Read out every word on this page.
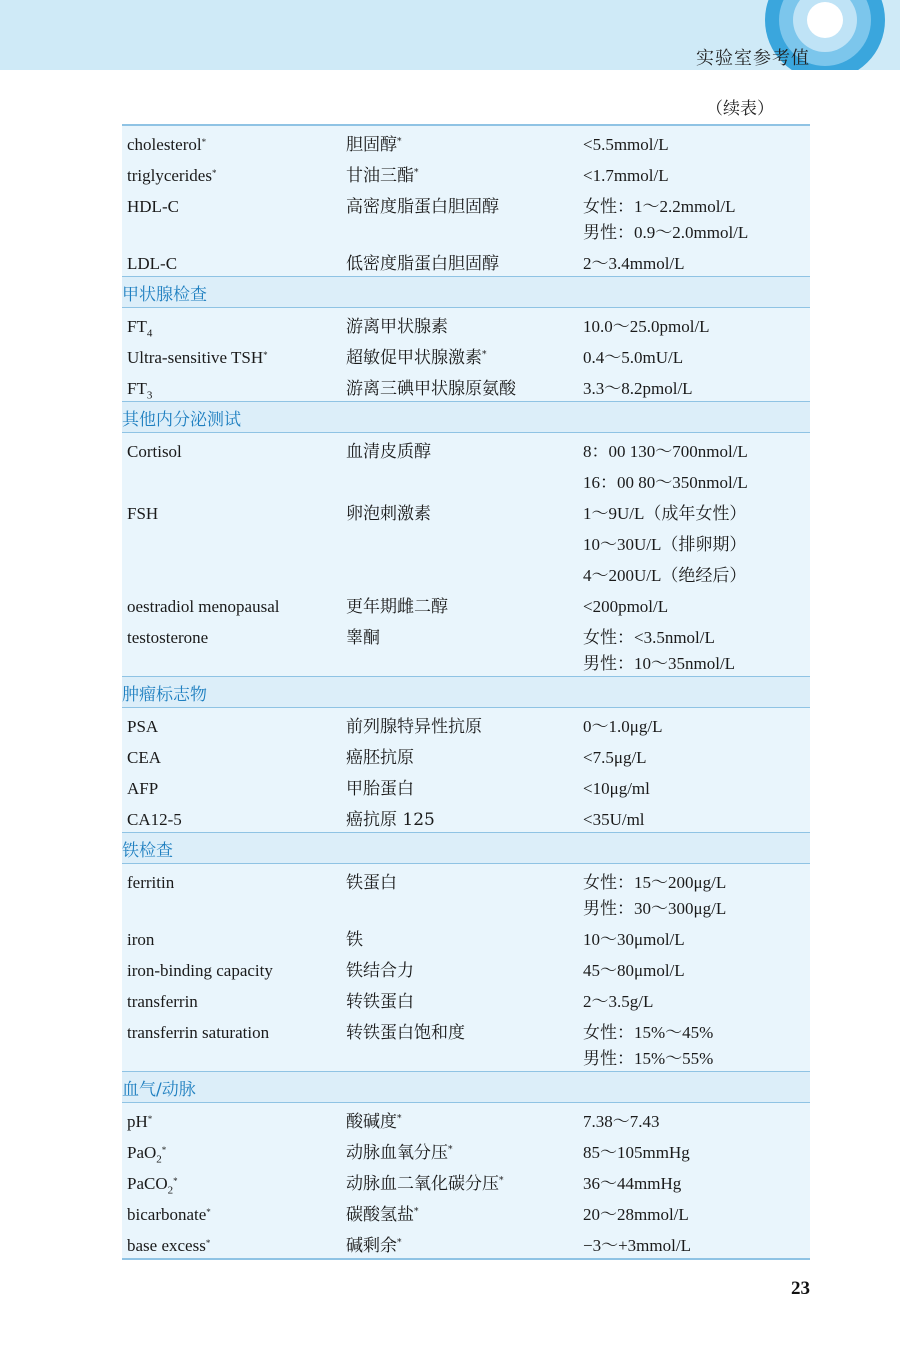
实验室参考值
（续表）
cholesterol*	胆固醇*	<5.5mmol/L
triglycerides*	甘油三酯*	<1.7mmol/L
HDL-C	高密度脂蛋白胆固醇	女性：1～2.2mmol/L
男性：0.9～2.0mmol/L
LDL-C	低密度脂蛋白胆固醇	2～3.4mmol/L
甲状腺检查
$FT_4$	游离甲状腺素	10.0～25.0pmol/L
Ultra-sensitive TSH*	超敏促甲状腺激素*	0.4～5.0mU/L
$FT_3$	游离三碘甲状腺原氨酸	3.3～8.2pmol/L
其他内分泌测试
Cortisol	血清皮质醇	8：00 130～700nmol/L
16：00 80～350nmol/L
FSH	卵泡刺激素	1～9U/L（成年女性）
10～30U/L（排卵期）
4～200U/L（绝经后）
oestradiol menopausal	更年期雌二醇	<200pmol/L
testosterone	睾酮	女性：<3.5nmol/L
男性：10～35nmol/L
肿瘤标志物
PSA	前列腺特异性抗原	0～1.0μg/L
CEA	癌胚抗原	<7.5μg/L
AFP	甲胎蛋白	<10μg/ml
CA12-5	癌抗原 125	<35U/ml
铁检查
ferritin	铁蛋白	女性：15～200μg/L
男性：30～300μg/L
iron	铁	10～30μmol/L
iron-binding capacity	铁结合力	45～80μmol/L
transferrin	转铁蛋白	2～3.5g/L
transferrin saturation	转铁蛋白饱和度	女性：15%～45%
男性：15%～55%
血气/动脉
pH*	酸碱度*	7.38～7.43
PaO$_2$*	动脉血氧分压*	85～105mmHg
PaCO$_2$*	动脉血二氧化碳分压*	36～44mmHg
bicarbonate*	碳酸氢盐*	20～28mmol/L
base excess*	碱剩余*	−3～+3mmol/L
23
